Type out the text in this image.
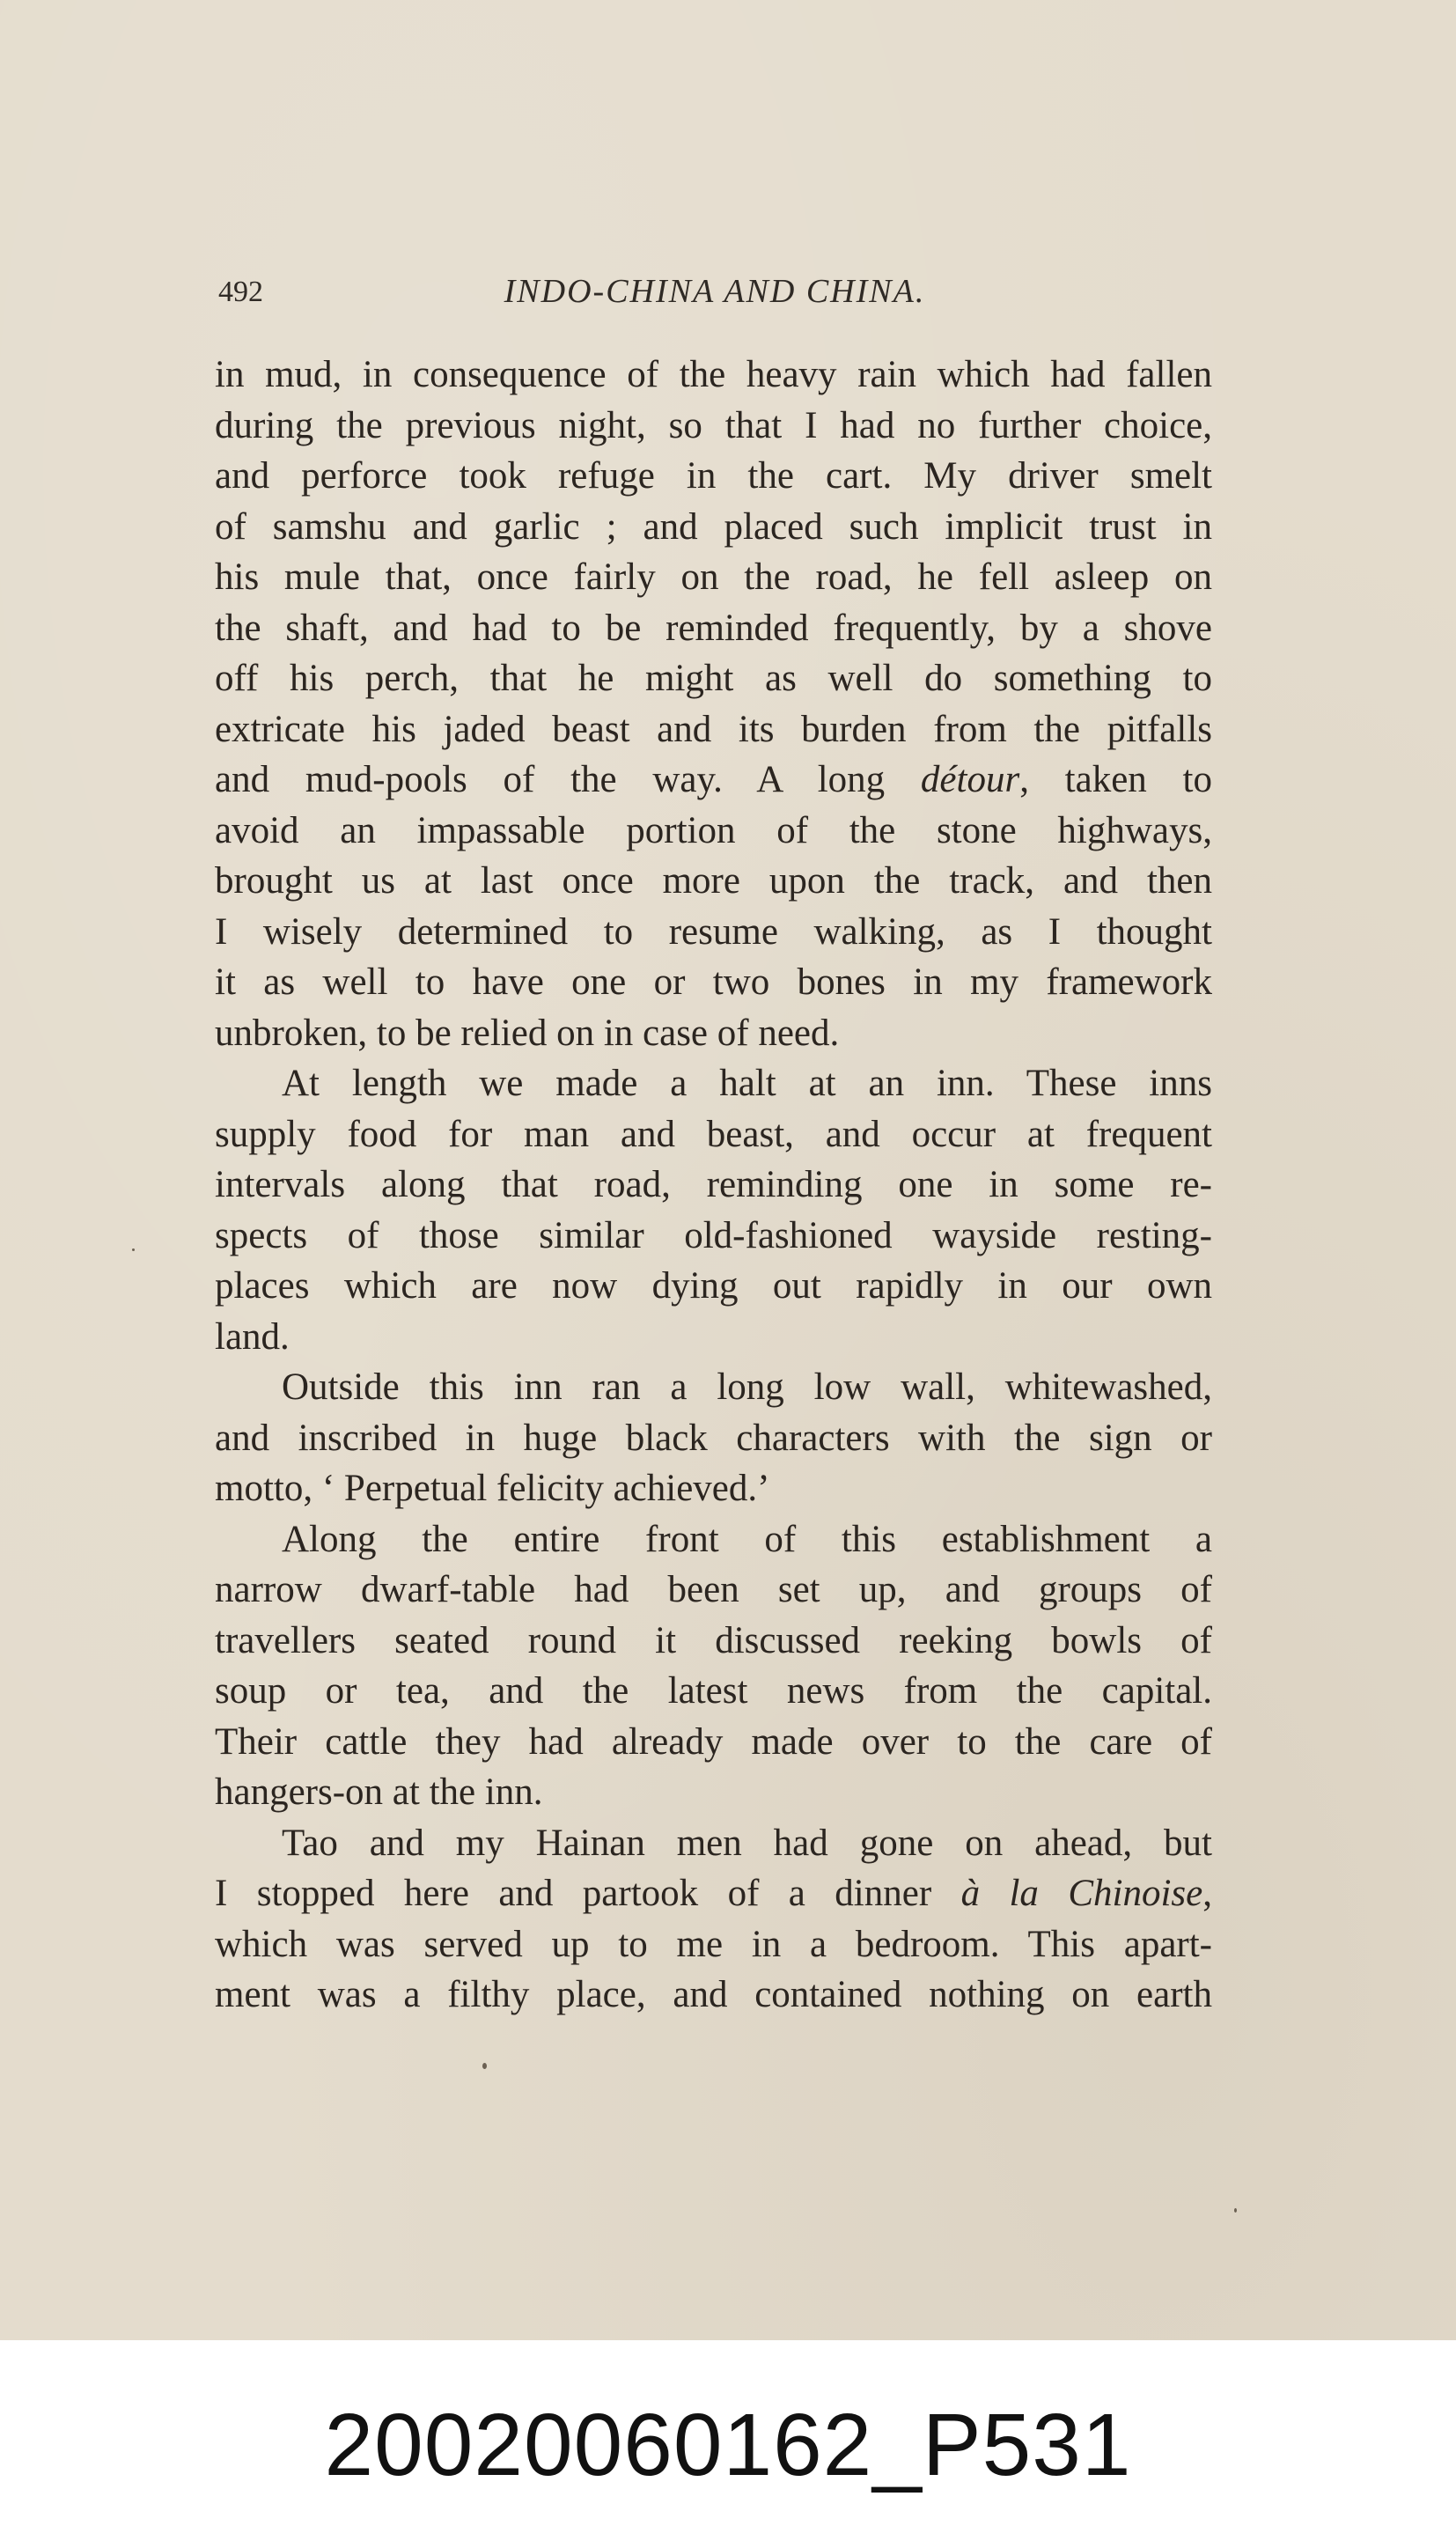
492	INDO-CHINA AND CHINA.
in mud, in consequence of the heavy rain which had fallen
during the previous night, so that I had no further choice,
and perforce took refuge in the cart. My driver smelt
of samshu and garlic ; and placed such implicit trust in
his mule that, once fairly on the road, he fell asleep on
the shaft, and had to be reminded frequently, by a shove
off his perch, that he might as well do something to
extricate his jaded beast and its burden from the pitfalls
and mud-pools of the way. A long détour, taken to
avoid an impassable portion of the stone highways,
brought us at last once more upon the track, and then
I wisely determined to resume walking, as I thought
it as well to have one or two bones in my framework
unbroken, to be relied on in case of need.
At length we made a halt at an inn. These inns
supply food for man and beast, and occur at frequent
intervals along that road, reminding one in some re-
spects of those similar old-fashioned wayside resting-
places which are now dying out rapidly in our own
land.
Outside this inn ran a long low wall, whitewashed,
and inscribed in huge black characters with the sign or
motto, ‘ Perpetual felicity achieved.’
Along the entire front of this establishment a
narrow dwarf-table had been set up, and groups of
travellers seated round it discussed reeking bowls of
soup or tea, and the latest news from the capital.
Their cattle they had already made over to the care of
hangers-on at the inn.
Tao and my Hainan men had gone on ahead, but
I stopped here and partook of a dinner à la Chinoise,
which was served up to me in a bedroom. This apart-
ment was a filthy place, and contained nothing on earth
20020060162_P531
